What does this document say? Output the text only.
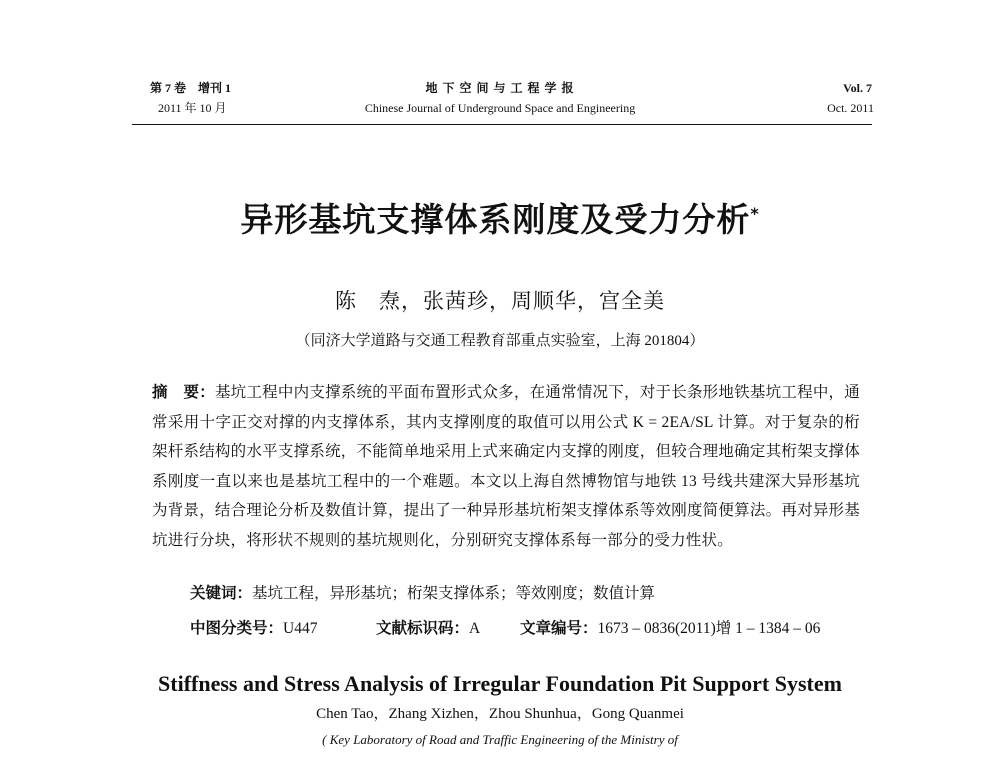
第 7 卷　增刊 1
2011 年 10 月
地 下 空 间 与 工 程 学 报
Chinese Journal of Underground Space and Engineering
Vol. 7
Oct. 2011
异形基坑支撑体系刚度及受力分析*
陈　焘，张茜珍，周顺华，宫全美
（同济大学道路与交通工程教育部重点实验室，上海 201804）
摘　要：基坑工程中内支撑系统的平面布置形式众多，在通常情况下，对于长条形地铁基坑工程中，通常采用十字正交对撑的内支撑体系，其内支撑刚度的取值可以用公式 K = 2EA/SL 计算。对于复杂的桁架杆系结构的水平支撑系统，不能简单地采用上式来确定内支撑的刚度，但较合理地确定其桁架支撑体系刚度一直以来也是基坑工程中的一个难题。本文以上海自然博物馆与地铁 13 号线共建深大异形基坑为背景，结合理论分析及数值计算，提出了一种异形基坑桁架支撑体系等效刚度简便算法。再对异形基坑进行分块，将形状不规则的基坑规则化，分别研究支撑体系每一部分的受力性状。
关键词：基坑工程，异形基坑；桁架支撑体系；等效刚度；数值计算
中图分类号：U447	文献标识码：A	文章编号：1673 – 0836(2011)增 1 – 1384 – 06
Stiffness and Stress Analysis of Irregular Foundation Pit Support System
Chen Tao，Zhang Xizhen，Zhou Shunhua，Gong Quanmei
( Key Laboratory of Road and Traffic Engineering of the Ministry of
